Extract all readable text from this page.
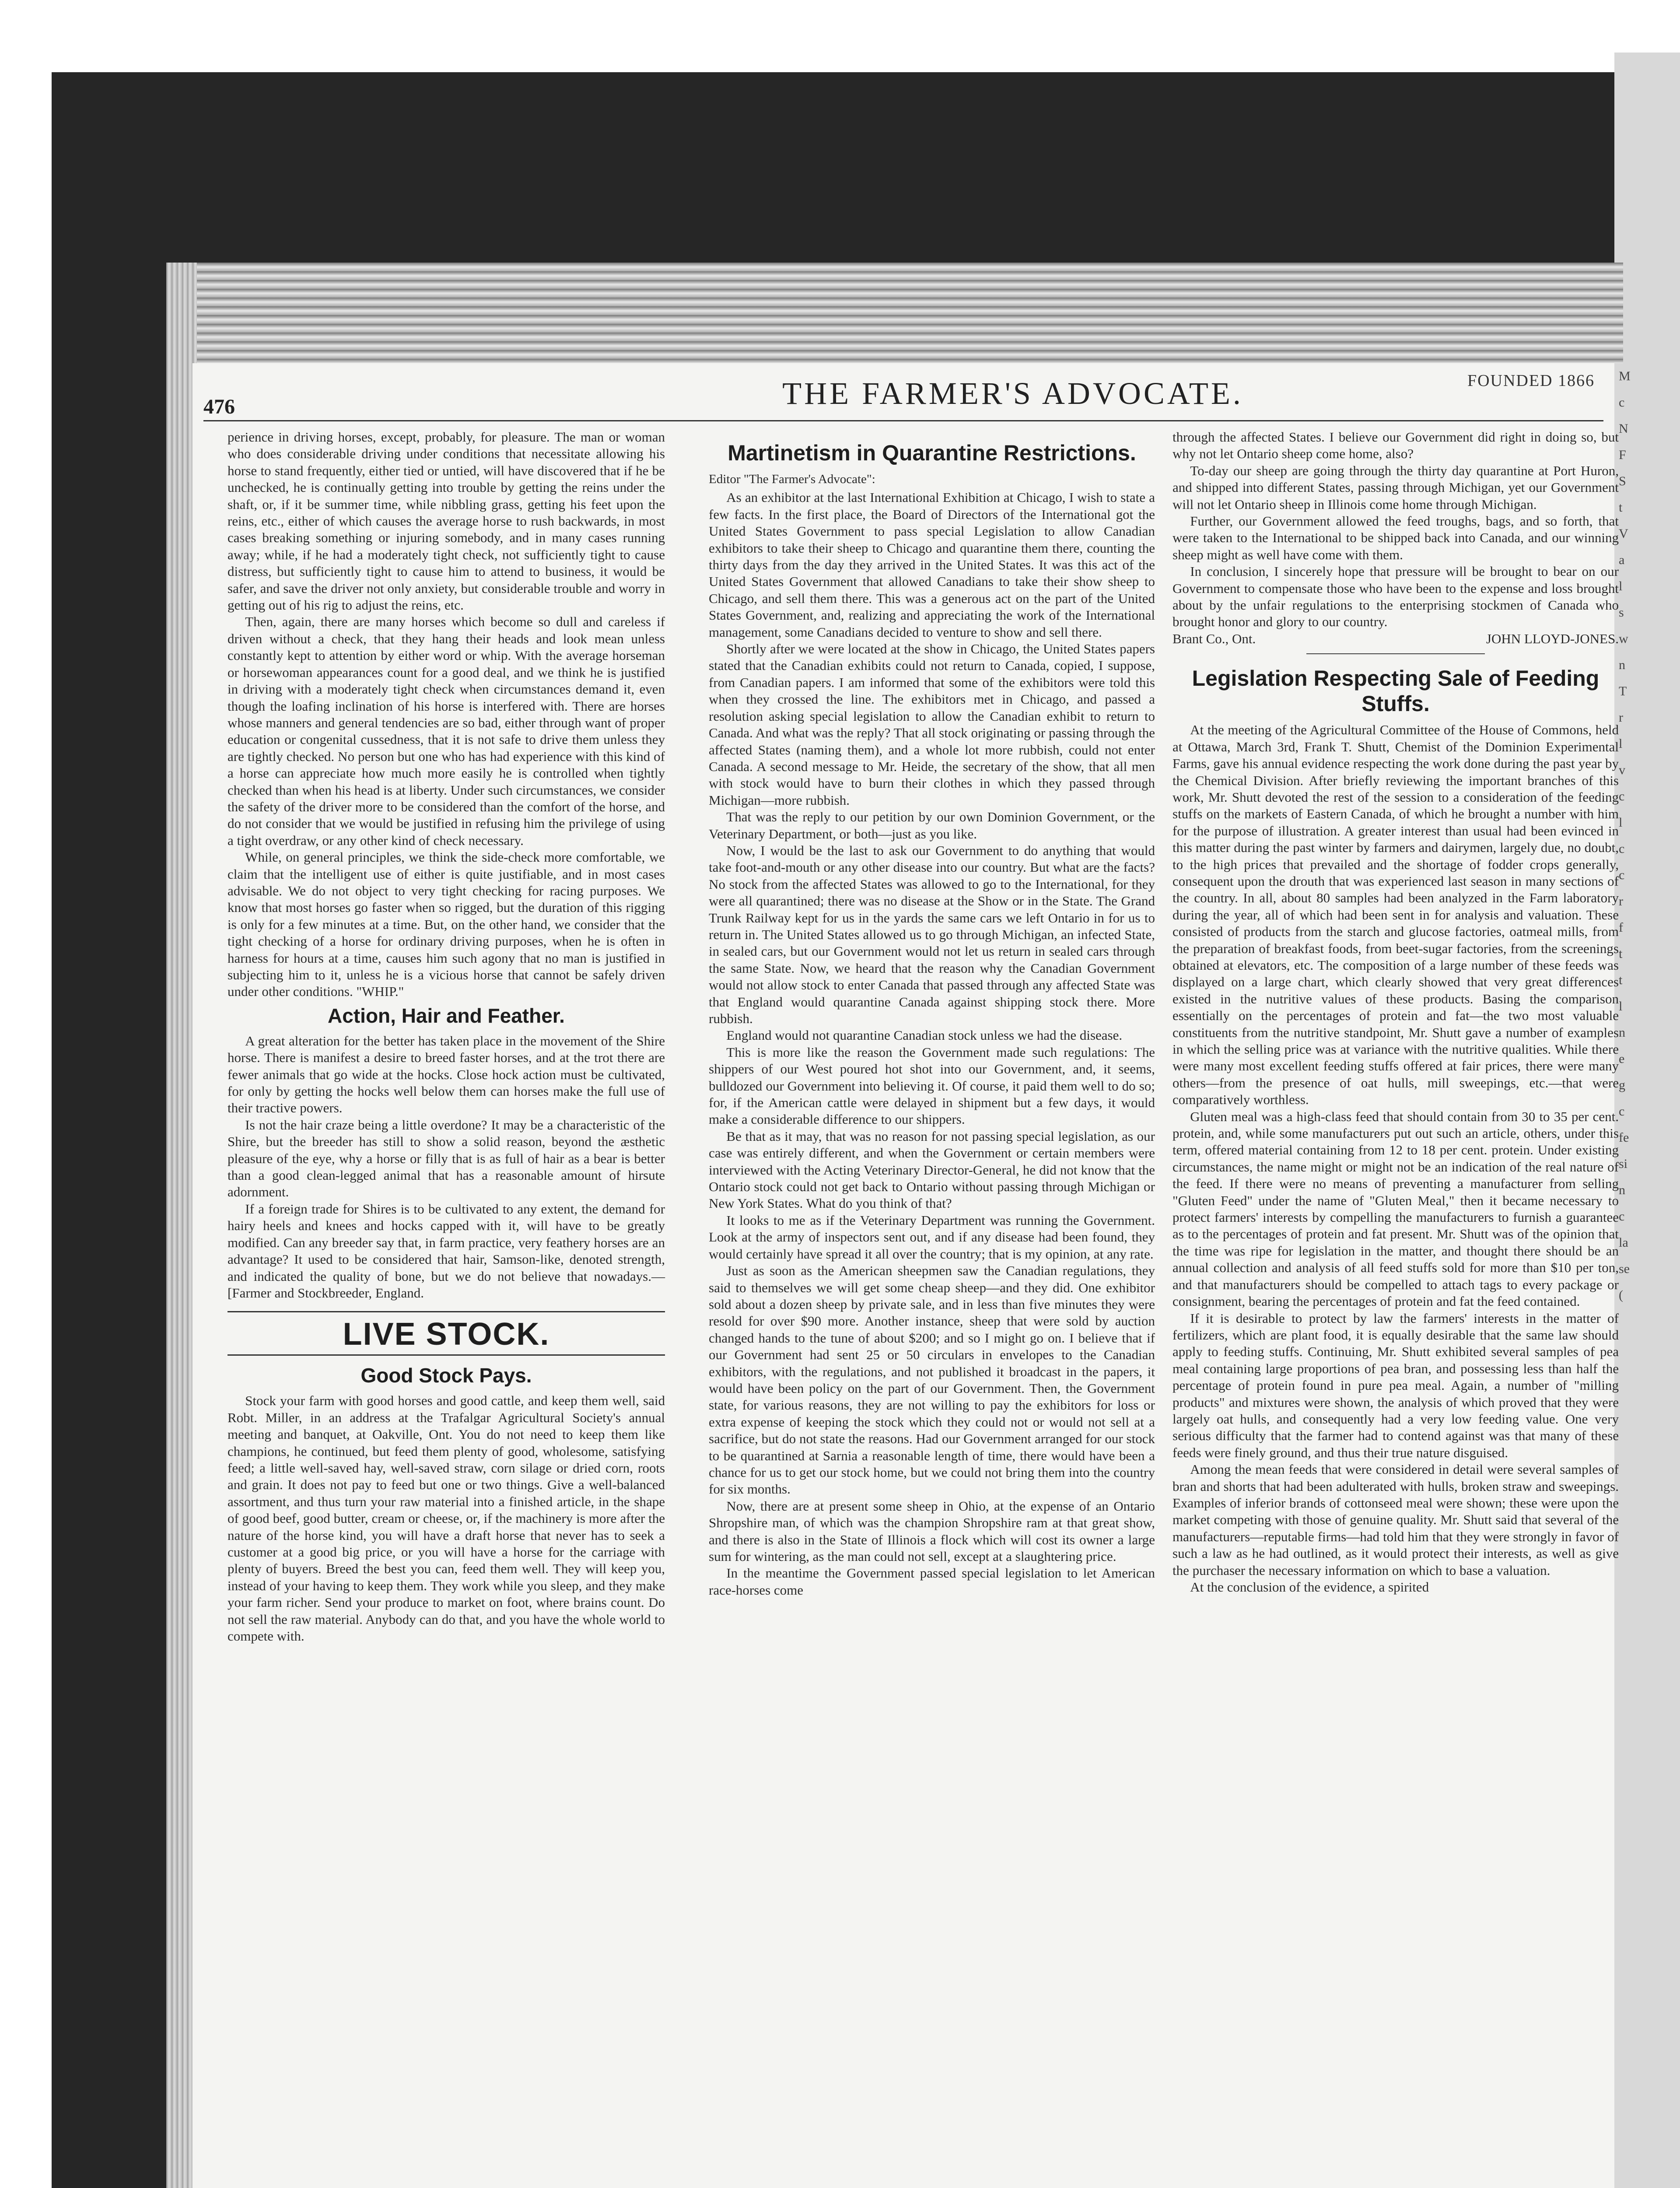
M
c
N
F
S
t
V
a
l
s
w
n
T
r
l
v
c
l
c
c
r
f
t
t
l
n
e
g
c
fe
si
n
c
la
se
(
476	THE FARMER'S ADVOCATE.	FOUNDED 1866

perience in driving horses, except, probably, for pleasure. The man or woman who does considerable driving under conditions that necessitate allowing his horse to stand frequently, either tied or untied, will have discovered that if he be unchecked, he is continually getting into trouble by getting the reins under the shaft, or, if it be summer time, while nibbling grass, getting his feet upon the reins, etc., either of which causes the average horse to rush backwards, in most cases breaking something or injuring somebody, and in many cases running away; while, if he had a moderately tight check, not sufficiently tight to cause distress, but sufficiently tight to cause him to attend to business, it would be safer, and save the driver not only anxiety, but considerable trouble and worry in getting out of his rig to adjust the reins, etc.

Then, again, there are many horses which become so dull and careless if driven without a check, that they hang their heads and look mean unless constantly kept to attention by either word or whip. With the average horseman or horsewoman appearances count for a good deal, and we think he is justified in driving with a moderately tight check when circumstances demand it, even though the loafing inclination of his horse is interfered with. There are horses whose manners and general tendencies are so bad, either through want of proper education or congenital cussedness, that it is not safe to drive them unless they are tightly checked. No person but one who has had experience with this kind of a horse can appreciate how much more easily he is controlled when tightly checked than when his head is at liberty. Under such circumstances, we consider the safety of the driver more to be considered than the comfort of the horse, and do not consider that we would be justified in refusing him the privilege of using a tight overdraw, or any other kind of check necessary.

While, on general principles, we think the side-check more comfortable, we claim that the intelligent use of either is quite justifiable, and in most cases advisable. We do not object to very tight checking for racing purposes. We know that most horses go faster when so rigged, but the duration of this rigging is only for a few minutes at a time. But, on the other hand, we consider that the tight checking of a horse for ordinary driving purposes, when he is often in harness for hours at a time, causes him such agony that no man is justified in subjecting him to it, unless he is a vicious horse that cannot be safely driven under other conditions. "WHIP."

Action, Hair and Feather.

A great alteration for the better has taken place in the movement of the Shire horse. There is manifest a desire to breed faster horses, and at the trot there are fewer animals that go wide at the hocks. Close hock action must be cultivated, for only by getting the hocks well below them can horses make the full use of their tractive powers.

Is not the hair craze being a little overdone? It may be a characteristic of the Shire, but the breeder has still to show a solid reason, beyond the æsthetic pleasure of the eye, why a horse or filly that is as full of hair as a bear is better than a good clean-legged animal that has a reasonable amount of hirsute adornment.

If a foreign trade for Shires is to be cultivated to any extent, the demand for hairy heels and knees and hocks capped with it, will have to be greatly modified. Can any breeder say that, in farm practice, very feathery horses are an advantage? It used to be considered that hair, Samson-like, denoted strength, and indicated the quality of bone, but we do not believe that nowadays.—[Farmer and Stockbreeder, England.

LIVE STOCK.
Good Stock Pays.

Stock your farm with good horses and good cattle, and keep them well, said Robt. Miller, in an address at the Trafalgar Agricultural Society's annual meeting and banquet, at Oakville, Ont. You do not need to keep them like champions, he continued, but feed them plenty of good, wholesome, satisfying feed; a little well-saved hay, well-saved straw, corn silage or dried corn, roots and grain. It does not pay to feed but one or two things. Give a well-balanced assortment, and thus turn your raw material into a finished article, in the shape of good beef, good butter, cream or cheese, or, if the machinery is more after the nature of the horse kind, you will have a draft horse that never has to seek a customer at a good big price, or you will have a horse for the carriage with plenty of buyers. Breed the best you can, feed them well. They will keep you, instead of your having to keep them. They work while you sleep, and they make your farm richer. Send your produce to market on foot, where brains count. Do not sell the raw material. Anybody can do that, and you have the whole world to compete with.

Martinetism in Quarantine Restrictions.

Editor "The Farmer's Advocate":

As an exhibitor at the last International Exhibition at Chicago, I wish to state a few facts. In the first place, the Board of Directors of the International got the United States Government to pass special Legislation to allow Canadian exhibitors to take their sheep to Chicago and quarantine them there, counting the thirty days from the day they arrived in the United States. It was this act of the United States Government that allowed Canadians to take their show sheep to Chicago, and sell them there. This was a generous act on the part of the United States Government, and, realizing and appreciating the work of the International management, some Canadians decided to venture to show and sell there.

Shortly after we were located at the show in Chicago, the United States papers stated that the Canadian exhibits could not return to Canada, copied, I suppose, from Canadian papers. I am informed that some of the exhibitors were told this when they crossed the line. The exhibitors met in Chicago, and passed a resolution asking special legislation to allow the Canadian exhibit to return to Canada. And what was the reply? That all stock originating or passing through the affected States (naming them), and a whole lot more rubbish, could not enter Canada. A second message to Mr. Heide, the secretary of the show, that all men with stock would have to burn their clothes in which they passed through Michigan—more rubbish.

That was the reply to our petition by our own Dominion Government, or the Veterinary Department, or both—just as you like.

Now, I would be the last to ask our Government to do anything that would take foot-and-mouth or any other disease into our country. But what are the facts? No stock from the affected States was allowed to go to the International, for they were all quarantined; there was no disease at the Show or in the State. The Grand Trunk Railway kept for us in the yards the same cars we left Ontario in for us to return in. The United States allowed us to go through Michigan, an infected State, in sealed cars, but our Government would not let us return in sealed cars through the same State. Now, we heard that the reason why the Canadian Government would not allow stock to enter Canada that passed through any affected State was that England would quarantine Canada against shipping stock there. More rubbish.

England would not quarantine Canadian stock unless we had the disease.

This is more like the reason the Government made such regulations: The shippers of our West poured hot shot into our Government, and, it seems, bulldozed our Government into believing it. Of course, it paid them well to do so; for, if the American cattle were delayed in shipment but a few days, it would make a considerable difference to our shippers.

Be that as it may, that was no reason for not passing special legislation, as our case was entirely different, and when the Government or certain members were interviewed with the Acting Veterinary Director-General, he did not know that the Ontario stock could not get back to Ontario without passing through Michigan or New York States. What do you think of that?

It looks to me as if the Veterinary Department was running the Government. Look at the army of inspectors sent out, and if any disease had been found, they would certainly have spread it all over the country; that is my opinion, at any rate.

Just as soon as the American sheepmen saw the Canadian regulations, they said to themselves we will get some cheap sheep—and they did. One exhibitor sold about a dozen sheep by private sale, and in less than five minutes they were resold for over $90 more. Another instance, sheep that were sold by auction changed hands to the tune of about $200; and so I might go on. I believe that if our Government had sent 25 or 50 circulars in envelopes to the Canadian exhibitors, with the regulations, and not published it broadcast in the papers, it would have been policy on the part of our Government. Then, the Government state, for various reasons, they are not willing to pay the exhibitors for loss or extra expense of keeping the stock which they could not or would not sell at a sacrifice, but do not state the reasons. Had our Government arranged for our stock to be quarantined at Sarnia a reasonable length of time, there would have been a chance for us to get our stock home, but we could not bring them into the country for six months.

Now, there are at present some sheep in Ohio, at the expense of an Ontario Shropshire man, of which was the champion Shropshire ram at that great show, and there is also in the State of Illinois a flock which will cost its owner a large sum for wintering, as the man could not sell, except at a slaughtering price.

In the meantime the Government passed special legislation to let American race-horses come

through the affected States. I believe our Government did right in doing so, but why not let Ontario sheep come home, also?

To-day our sheep are going through the thirty day quarantine at Port Huron, and shipped into different States, passing through Michigan, yet our Government will not let Ontario sheep in Illinois come home through Michigan.

Further, our Government allowed the feed troughs, bags, and so forth, that were taken to the International to be shipped back into Canada, and our winning sheep might as well have come with them.

In conclusion, I sincerely hope that pressure will be brought to bear on our Government to compensate those who have been to the expense and loss brought about by the unfair regulations to the enterprising stockmen of Canada who brought honor and glory to our country.

Brant Co., Ont.	JOHN LLOYD-JONES.

Legislation Respecting Sale of Feeding Stuffs.

At the meeting of the Agricultural Committee of the House of Commons, held at Ottawa, March 3rd, Frank T. Shutt, Chemist of the Dominion Experimental Farms, gave his annual evidence respecting the work done during the past year by the Chemical Division. After briefly reviewing the important branches of this work, Mr. Shutt devoted the rest of the session to a consideration of the feeding stuffs on the markets of Eastern Canada, of which he brought a number with him for the purpose of illustration. A greater interest than usual had been evinced in this matter during the past winter by farmers and dairymen, largely due, no doubt, to the high prices that prevailed and the shortage of fodder crops generally, consequent upon the drouth that was experienced last season in many sections of the country. In all, about 80 samples had been analyzed in the Farm laboratory during the year, all of which had been sent in for analysis and valuation. These consisted of products from the starch and glucose factories, oatmeal mills, from the preparation of breakfast foods, from beet-sugar factories, from the screenings obtained at elevators, etc. The composition of a large number of these feeds was displayed on a large chart, which clearly showed that very great differences existed in the nutritive values of these products. Basing the comparison essentially on the percentages of protein and fat—the two most valuable constituents from the nutritive standpoint, Mr. Shutt gave a number of examples in which the selling price was at variance with the nutritive qualities. While there were many most excellent feeding stuffs offered at fair prices, there were many others—from the presence of oat hulls, mill sweepings, etc.—that were comparatively worthless.

Gluten meal was a high-class feed that should contain from 30 to 35 per cent. protein, and, while some manufacturers put out such an article, others, under this term, offered material containing from 12 to 18 per cent. protein. Under existing circumstances, the name might or might not be an indication of the real nature of the feed. If there were no means of preventing a manufacturer from selling "Gluten Feed" under the name of "Gluten Meal," then it became necessary to protect farmers' interests by compelling the manufacturers to furnish a guarantee as to the percentages of protein and fat present. Mr. Shutt was of the opinion that the time was ripe for legislation in the matter, and thought there should be an annual collection and analysis of all feed stuffs sold for more than $10 per ton, and that manufacturers should be compelled to attach tags to every package or consignment, bearing the percentages of protein and fat the feed contained.

If it is desirable to protect by law the farmers' interests in the matter of fertilizers, which are plant food, it is equally desirable that the same law should apply to feeding stuffs. Continuing, Mr. Shutt exhibited several samples of pea meal containing large proportions of pea bran, and possessing less than half the percentage of protein found in pure pea meal. Again, a number of "milling products" and mixtures were shown, the analysis of which proved that they were largely oat hulls, and consequently had a very low feeding value. One very serious difficulty that the farmer had to contend against was that many of these feeds were finely ground, and thus their true nature disguised.

Among the mean feeds that were considered in detail were several samples of bran and shorts that had been adulterated with hulls, broken straw and sweepings. Examples of inferior brands of cottonseed meal were shown; these were upon the market competing with those of genuine quality. Mr. Shutt said that several of the manufacturers—reputable firms—had told him that they were strongly in favor of such a law as he had outlined, as it would protect their interests, as well as give the purchaser the necessary information on which to base a valuation.

At the conclusion of the evidence, a spirited
